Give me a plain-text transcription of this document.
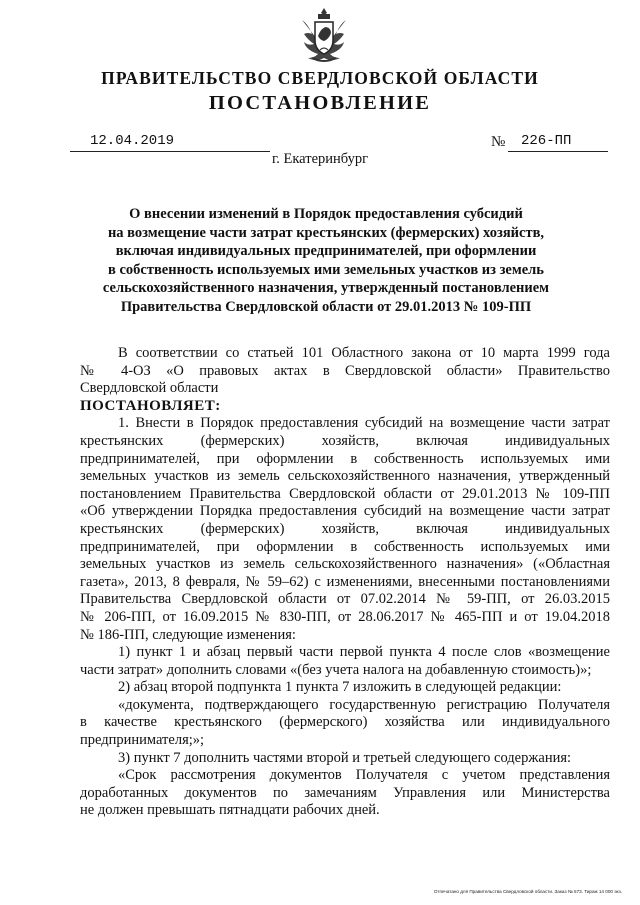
ПРАВИТЕЛЬСТВО СВЕРДЛОВСКОЙ ОБЛАСТИ
ПОСТАНОВЛЕНИЕ
12.04.2019	№ 226-ПП
г. Екатеринбург
О внесении изменений в Порядок предоставления субсидий
на возмещение части затрат крестьянских (фермерских) хозяйств,
включая индивидуальных предпринимателей, при оформлении
в собственность используемых ими земельных участков из земель
сельскохозяйственного назначения, утвержденный постановлением
Правительства Свердловской области от 29.01.2013 № 109-ПП
В соответствии со статьей 101 Областного закона от 10 марта 1999 года
№ 4-ОЗ «О правовых актах в Свердловской области» Правительство
Свердловской области
ПОСТАНОВЛЯЕТ:
1. Внести в Порядок предоставления субсидий на возмещение части затрат
крестьянских (фермерских) хозяйств, включая индивидуальных
предпринимателей, при оформлении в собственность используемых ими
земельных участков из земель сельскохозяйственного назначения, утвержденный
постановлением Правительства Свердловской области от 29.01.2013 № 109-ПП
«Об утверждении Порядка предоставления субсидий на возмещение части затрат
крестьянских (фермерских) хозяйств, включая индивидуальных
предпринимателей, при оформлении в собственность используемых ими
земельных участков из земель сельскохозяйственного назначения» («Областная
газета», 2013, 8 февраля, № 59–62) с изменениями, внесенными постановлениями
Правительства Свердловской области от 07.02.2014 № 59-ПП, от 26.03.2015
№ 206-ПП, от 16.09.2015 № 830-ПП, от 28.06.2017 № 465-ПП и от 19.04.2018
№ 186-ПП, следующие изменения:
1) пункт 1 и абзац первый части первой пункта 4 после слов «возмещение
части затрат» дополнить словами «(без учета налога на добавленную стоимость)»;
2) абзац второй подпункта 1 пункта 7 изложить в следующей редакции:
«документа, подтверждающего государственную регистрацию Получателя
в качестве крестьянского (фермерского) хозяйства или индивидуального
предпринимателя;»;
3) пункт 7 дополнить частями второй и третьей следующего содержания:
«Срок рассмотрения документов Получателя с учетом представления
доработанных документов по замечаниям Управления или Министерства
не должен превышать пятнадцати рабочих дней.
Отпечатано для Правительства Свердловской области. Заказ № 573. Тираж 14 000 экз.
